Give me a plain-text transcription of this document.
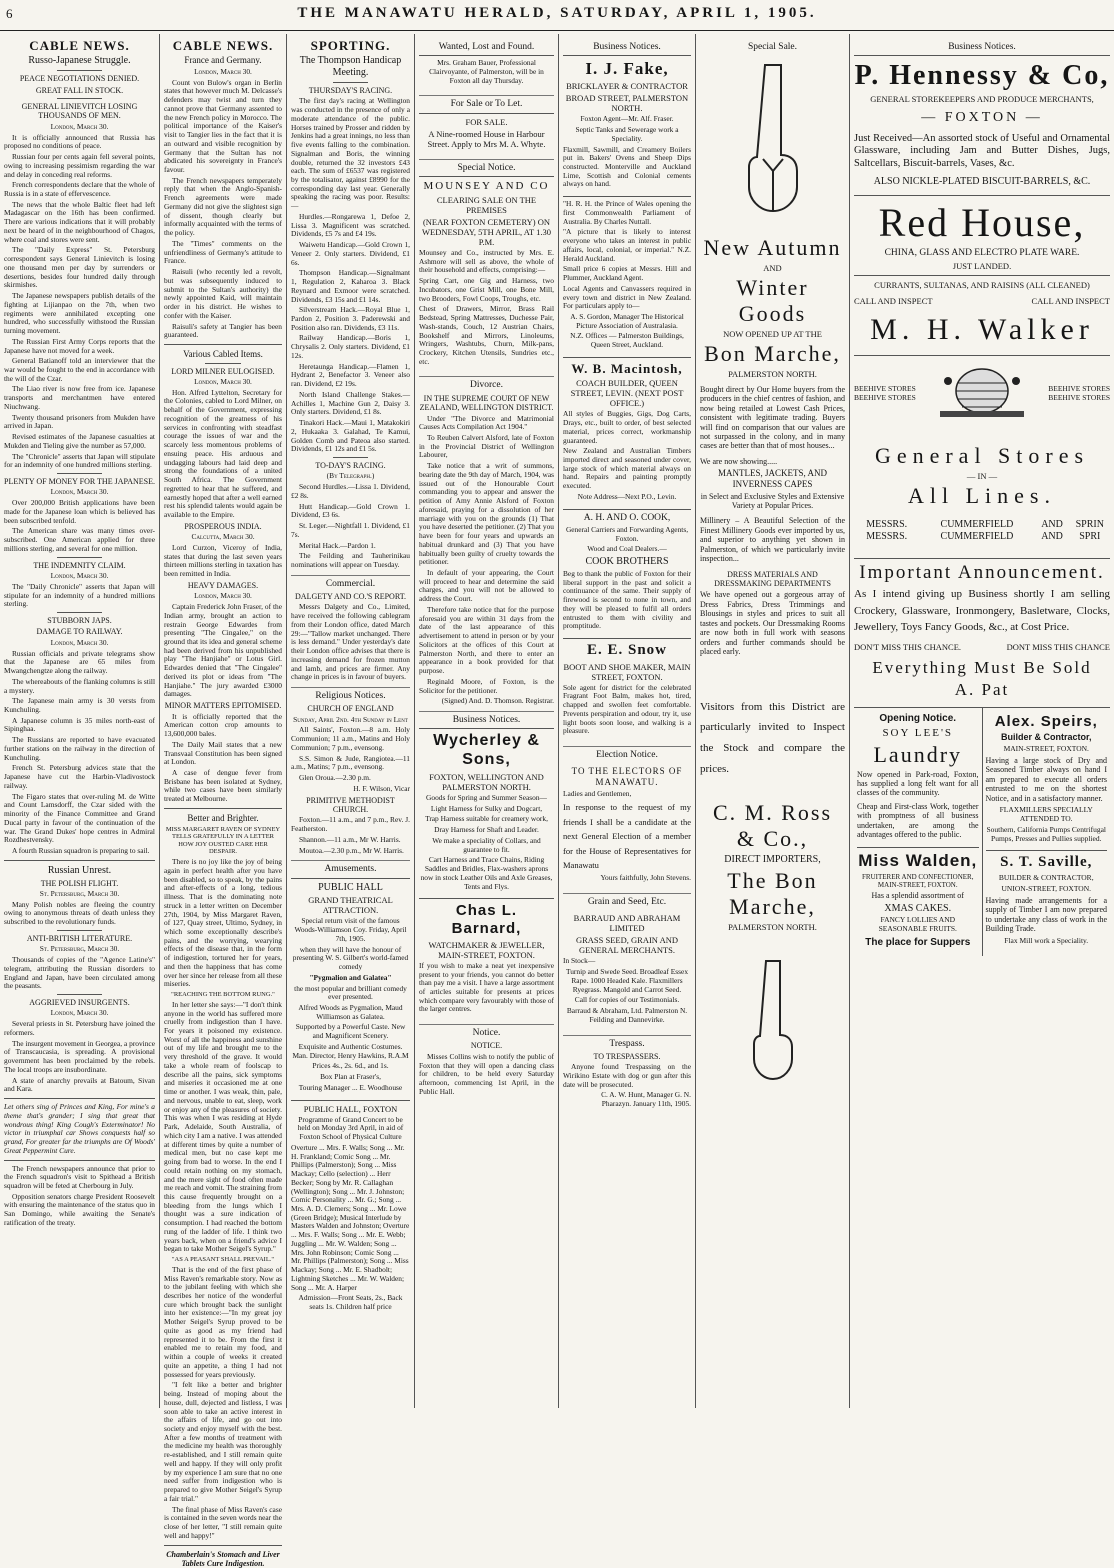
6	THE MANAWATU HERALD, SATURDAY, APRIL 1, 1905.
CABLE NEWS.
Russo-Japanese Struggle.
PEACE NEGOTIATIONS DENIED.
GREAT FALL IN STOCK.
GENERAL LINIEVITCH LOSING THOUSANDS OF MEN.
London, March 30.

It is officially announced that Russia has proposed no conditions of peace.

Russian four per cents again fell several points, owing to increasing pessimism regarding the war and delay in conceding real reforms.

French correspondents declare that the whole of Russia is in a state of effervescence.

The news that the whole Baltic fleet had left Madagascar on the 16th has been confirmed. There are various indications that it will probably next be heard of in the neighbourhood of Chagos, where coal and stores were sent.

The "Daily Express" St. Petersburg correspondent says General Linievitch is losing one thousand men per day by surrenders or desertions, besides four hundred daily through skirmishes.

The Japanese newspapers publish details of the fighting at Lijianpao on the 7th, when two regiments were annihilated excepting one hundred, who successfully withstood the Russian turning movement.

The Russian First Army Corps reports that the Japanese have not moved for a week.

General Batianoff told an interviewer that the war would be fought to the end in accordance with the will of the Czar.

The Liao river is now free from ice. Japanese transports and merchantmen have entered Niuchwang.

Twenty thousand prisoners from Mukden have arrived in Japan.

Revised estimates of the Japanese casualties at Mukden and Tieling give the number as 57,000.

The "Chronicle" asserts that Japan will stipulate for an indemnity of one hundred millions sterling.

PLENTY OF MONEY FOR THE JAPANESE.
London, March 30.

Over 200,000 British applications have been made for the Japanese loan which is believed has been subscribed tenfold.

The American share was many times over-subscribed. One American applied for three millions sterling, and several for one million.

THE INDEMNITY CLAIM.
London, March 30.

The "Daily Chronicle" asserts that Japan will stipulate for an indemnity of a hundred millions sterling.

STUBBORN JAPS.
DAMAGE TO RAILWAY.
London, March 30.

Russian officials and private telegrams show that the Japanese are 65 miles from Mwangchengtze along the railway.

The whereabouts of the flanking columns is still a mystery.

The Japanese main army is 30 versts from Kunchuling.

A Japanese column is 35 miles north-east of Sipinghaa.

The Russians are reported to have evacuated further stations on the railway in the direction of Kunchuling.

French St. Petersburg advices state that the Japanese have cut the Harbin-Vladivostock railway.

The Figaro states that over-ruling M. de Witte and Count Lamsdorff, the Czar sided with the minority of the Finance Committee and Grand Ducal party in favour of the continuation of the war. The Grand Dukes' hope centres in Admiral Rozdhestvensky.

A fourth Russian squadron is preparing to sail.

Russian Unrest.
THE POLISH FLIGHT.
St. Petersburg, March 30.

Many Polish nobles are fleeing the country owing to anonymous threats of death unless they subscribed to the revolutionary funds.

ANTI-BRITISH LITERATURE.
St. Petersburg, March 30.

Thousands of copies of the "Agence Latine's" telegram, attributing the Russian disorders to England and Japan, have been circulated among the peasants.

AGGRIEVED INSURGENTS.
London, March 30.

Several priests in St. Petersburg have joined the reformers.

The insurgent movement in Georgea, a province of Transcaucasia, is spreading. A provisional government has been proclaimed by the rebels. The local troops are insubordinate.

A state of anarchy prevails at Batoum, Sivan and Kara.

Let others sing of Princes and King, For mine's a theme that's grander; I sing that great that wondrous thing! King Cough's Exterminator! No victor in triumphal car Shows conquests half so grand, For greater far the triumphs are Of Woods' Great Peppermint Cure.

The French newspapers announce that prior to the French squadron's visit to Spithead a British squadron will be feted at Cherbourg in July.

Opposition senators charge President Roosevelt with ensuring the maintenance of the status quo in San Domingo, while awaiting the Senate's ratification of the treaty.

CABLE NEWS.
France and Germany.
London, March 30.

Count von Bulow's organ in Berlin states that however much M. Delcasse's defenders may twist and turn they cannot prove that Germany assented to the new French policy in Morocco. The political importance of the Kaiser's visit to Tangier lies in the fact that it is an outward and visible recognition by Germany that the Sultan has not abdicated his sovereignty in France's favour.

The French newspapers temperately reply that when the Anglo-Spanish-French agreements were made Germany did not give the slightest sign of dissent, though clearly but informally acquainted with the terms of the policy.

The "Times" comments on the unfriendliness of Germany's attitude to France.

Raisuli (who recently led a revolt, but was subsequently induced to submit to the Sultan's authority) the newly appointed Kaid, will maintain order in his district. He wishes to confer with the Kaiser.

Raisuli's safety at Tangier has been guaranteed.

Various Cabled Items.
LORD MILNER EULOGISED.
London, March 30.

Hon. Alfred Lyttelton, Secretary for the Colonies, cabled to Lord Milner, on behalf of the Government, expressing recognition of the greatness of his services in confronting with steadfast courage the issues of war and the scarcely less momentous problems of ensuing peace. His arduous and undagging labours had laid deep and strong the foundations of a united South Africa. The Government regretted to hear that he suffered, and earnestly hoped that after a well earned rest his splendid talents would again be available to the Empire.

PROSPEROUS INDIA.
Calcutta, March 30.

Lord Curzon, Viceroy of India, states that during the last seven years thirteen millions sterling in taxation has been remitted in India.

HEAVY DAMAGES.
London, March 30.

Captain Frederick John Fraser, of the Indian army, brought an action to restrain George Edwardes from presenting "The Cingalee," on the ground that its idea and general scheme had been derived from his unpublished play "The Hanjiahe" or Lotus Girl. Edwardes denied that "The Cingalee" derived its plot or ideas from "The Hanjiahe." The jury awarded £3000 damages.

MINOR MATTERS EPITOMISED.

It is officially reported that the American cotton crop amounts to 13,600,000 bales.

The Daily Mail states that a new Transvaal Constitution has been signed at London.

A case of dengue fever from Brisbane has been isolated at Sydney, while two cases have been similarly treated at Melbourne.

Better and Brighter.
MISS MARGARET RAVEN OF SYDNEY TELLS GRATEFULLY IN A LETTER HOW JOY OUSTED CARE HER DESPAIR.

There is no joy like the joy of being again in perfect health after you have been disabled, so to speak, by the pains and after-effects of a long, tedious illness. That is the dominating note struck in a letter written on December 27th, 1904, by Miss Margaret Raven, of 127, Quay street, Ultimo, Sydney, in which some exceptionally describe's pains, and the worrying, wearying effects of the disease that, in the form of indigestion, tortured her for years, and then the happiness that has come over her since her release from all these miseries.

"REACHING THE BOTTOM RUNG."

In her letter she says:—"I don't think anyone in the world has suffered more cruelly from indigestion than I have. For years it poisoned my existence. Worst of all the happiness and sunshine out of my life and brought me to the very threshold of the grave. It would take a whole ream of foolscap to describe all the pains, sick symptoms and miseries it occasioned me at one time or another. I was weak, thin, pale, and nervous, unable to eat, sleep, work or enjoy any of the pleasures of society. This was when I was residing at Hyde Park, Adelaide, South Australia, of which city I am a native. I was attended at different times by quite a number of medical men, but no case kept me going from bad to worse. In the end I could retain nothing on my stomach, and the mere sight of food often made me reach and vomit. The straining from this cause frequently brought on a bleeding from the lungs which I thought was a sure indication of consumption. I had reached the bottom rung of the ladder of life. I think two years back, when on a friend's advice I began to take Mother Seigel's Syrup."

"AS A PEASANT SHALL PREVAIL."

That is the end of the first phase of Miss Raven's remarkable story. Now as to the jubilant feeling with which she describes her notice of the wonderful cure which brought back the sunlight into her existence:—"In my great joy Mother Seigel's Syrup proved to be quite as good as my friend had represented it to be. From the first it enabled me to retain my food, and within a couple of weeks it created quite an appetite, a thing I had not possessed for years previously.

"I felt like a better and brighter being. Instead of moping about the house, dull, dejected and listless, I was soon able to take an active interest in the affairs of life, and go out into society and enjoy myself with the best. After a few months of treatment with the medicine my health was thoroughly re-established, and I still remain quite well and happy. If they will only profit by my experience I am sure that no one need suffer from indigestion who is prepared to give Mother Seigel's Syrup a fair trial."

The final phase of Miss Raven's case is contained in the seven words near the close of her letter, "I still remain quite well and happy!"

Chamberlain's Stomach and Liver Tablets Cure Indigestion.

SPORTING.
The Thompson Handicap Meeting.
THURSDAY'S RACING.

The first day's racing at Wellington was conducted in the presence of only a moderate attendance of the public. Horses trained by Prosser and ridden by Jenkins had a great innings, no less than five events falling to the combination. Signalman and Boris, the winning double, returned the 32 investors £43 each. The sum of £6537 was registered by the totalisator, against £8990 for the corresponding day last year. Generally speaking the racing was poor. Results:—

Hurdles.—Rongarewa 1, Defoe 2, Lissa 3. Magnificent was scratched. Dividends, £5 7s and £4 19s.

Waiwetu Handicap.—Gold Crown 1, Veneer 2. Only starters. Dividend, £1 6s.

Thompson Handicap.—Signalmant 1, Regulation 2, Kaharoa 3. Black Reynard and Exmoor were scratched. Dividends, £3 15s and £1 14s.

Silverstream Hack.—Royal Blue 1, Pardon 2, Position 3. Paderewski and Position also ran. Dividends, £3 11s.

Railway Handicap.—Boris 1, Chrysalis 2. Only starters. Dividend, £1 12s.

Heretaunga Handicap.—Flamen 1, Hydrant 2, Benefactor 3. Veneer also ran. Dividend, £2 19s.

North Island Challenge Stakes.—Achilles 1, Machine Gun 2, Daisy 3. Only starters. Dividend, £1 8s.

Tinakori Hack.—Maui 1, Matakokiri 2, Hukaaka 3. Galahad, Te Kamui, Golden Comb and Pateoa also started. Dividends, £1 12s and £1 5s.

TO-DAY'S RACING.
(By Telegraph.)

Second Hurdles.—Lissa 1. Dividend, £2 8s.

Hutt Handicap.—Gold Crown 1. Dividend, £3 6s.

St. Leger.—Nightfall 1. Dividend, £1 7s.

Merital Hack.—Pardon 1.

The Feilding and Tauherinikau nominations will appear on Tuesday.

Commercial.
DALGETY AND CO.'S REPORT.

Messrs Dalgety and Co., Limited, have received the following cablegram from their London office, dated March 29:—"Tallow market unchanged. There is less demand." Under yesterday's date their London office advises that there is increasing demand for frozen mutton and lamb, and prices are firmer. Any change in prices is in favour of buyers.

Religious Notices.
CHURCH OF ENGLAND
Sunday, April 2nd. 4th Sunday in Lent

All Saints', Foxton.—8 a.m. Holy Communion; 11 a.m., Matins and Holy Communion; 7 p.m., evensong.

S.S. Simon & Jude, Rangiotea.—11 a.m., Matins; 7 p.m., evensong.

Glen Oroua.—2.30 p.m.

H. F. Wilson, Vicar

PRIMITIVE METHODIST CHURCH.

Foxton.—11 a.m., and 7 p.m., Rev. J. Featherston.

Shannon.—11 a.m., Mr W. Harris.

Moutoa.—2.30 p.m., Mr W. Harris.

Amusements.

PUBLIC HALL

GRAND THEATRICAL ATTRACTION.

Special return visit of the famous Woods-Williamson Coy. Friday, April 7th, 1905.

when they will have the honour of presenting W. S. Gilbert's world-famed comedy

"Pygmalion and Galatea"

the most popular and brilliant comedy ever presented.

Alfred Woods as Pygmalion, Maud Williamson as Galatea.

Supported by a Powerful Caste. New and Magnificent Scenery.

Exquisite and Authentic Costumes. Man. Director, Henry Hawkins, R.A.M

Prices 4s., 2s. 6d., and 1s.

Box Plan at Fraser's,

Touring Manager ... E. Woodhouse

PUBLIC HALL, FOXTON

Programme of Grand Concert to be held on Monday 3rd April, in aid of Foxton School of Physical Culture

Overture ... Mrs. F. Walls; Song ... Mr. H. Frankland; Comic Song ... Mr. Phillips (Palmerston); Song ... Miss Mackay; Cello (selection) ... Herr Becker; Song by Mr. R. Callaghan (Wellington); Song ... Mr. J. Johnston; Comic Personality ... Mr. G.; Song ... Mrs. A. D. Clemers; Song ... Mr. Lowe (Green Bridge); Musical Interlude by Masters Walden and Johnston; Overture ... Mrs. F. Walls; Song ... Mr. E. Webb; Juggling ... Mr. W. Walden; Song ... Mrs. John Robinson; Comic Song ... Mr. Phillips (Palmerston); Song ... Miss Mackay; Song ... Mr. E. Shadbolt; Lightning Sketches ... Mr. W. Walden; Song ... Mr. A. Harper

Admission—Front Seats, 2s., Back seats 1s. Children half price

Wanted, Lost and Found.

Mrs. Graham Bauer, Professional Clairvoyante, of Palmerston, will be in Foxton all day Thursday.

For Sale or To Let.

FOR SALE.

A Nine-roomed House in Harbour Street. Apply to Mrs M. A. Whyte.

Special Notice.

MOUNSEY AND CO

CLEARING SALE ON THE PREMISES

(NEAR FOXTON CEMETERY) ON WEDNESDAY, 5TH APRIL, AT 1.30 P.M.

Mounsey and Co., instructed by Mrs. E. Ashmore will sell as above, the whole of their household and effects, comprising:—

Spring Cart, one Gig and Harness, two Incubators, one Grist Mill, one Bone Mill, two Brooders, Fowl Coops, Troughs, etc.

Chest of Drawers, Mirror, Brass Rail Bedstead, Spring Mattresses, Duchesse Pair, Wash-stands, Couch, 12 Austrian Chairs, Bookshelf and Mirrors, Linoleums, Wringers, Washtubs, Churn, Milk-pans, Crockery, Kitchen Utensils, Sundries etc., etc.

Divorce.
IN THE SUPREME COURT OF NEW ZEALAND, WELLINGTON DISTRICT.

Under "The Divorce and Matrimonial Causes Acts Compilation Act 1904."

To Reuben Calvert Alsford, late of Foxton in the Provincial District of Wellington Labourer,

Take notice that a writ of summons, bearing date the 9th day of March, 1904, was issued out of the Honourable Court commanding you to appear and answer the petition of Amy Annie Alsford of Foxton aforesaid, praying for a dissolution of her marriage with you on the grounds (1) That you have deserted the petitioner. (2) That you have been for four years and upwards an habitual drunkard and (3) That you have habitually been guilty of cruelty towards the petitioner.

In default of your appearing, the Court will proceed to hear and determine the said charges, and you will not be allowed to address the Court.

Therefore take notice that for the purpose aforesaid you are within 31 days from the date of the last appearance of this advertisement to attend in person or by your Solicitors at the offices of this Court at Palmerston North, and there to enter an appearance in a book provided for that purpose.

Reginald Moore, of Foxton, is the Solicitor for the petitioner.

(Signed) And. D. Thomson. Registrar.

Business Notices.

Wycherley & Sons,

FOXTON, WELLINGTON AND PALMERSTON NORTH.

Goods for Spring and Summer Season—

Light Harness for Sulky and Dogcart,

Trap Harness suitable for creamery work,

Dray Harness for Shaft and Leader.

We make a speciality of Collars, and guarantee to fit.

Cart Harness and Trace Chains, Riding Saddles and Bridles, Flax-washers aprons now in stock Leather Oils and Axle Greases, Tents and Flys.

Chas L. Barnard,

WATCHMAKER & JEWELLER, MAIN-STREET, FOXTON.

If you wish to make a neat yet inexpensive present to your friends, you cannot do better than pay me a visit. I have a large assortment of articles suitable for presents at prices which compare very favourably with those of the larger centres.

Notice.
NOTICE.

Misses Collins wish to notify the public of Foxton that they will open a dancing class for children, to be held every Saturday afternoon, commencing 1st April, in the Public Hall.

Business Notices.

I. J. Fake,

BRICKLAYER & CONTRACTOR

BROAD STREET, PALMERSTON NORTH.

Foxton Agent—Mr. Alf. Fraser.

Septic Tanks and Sewerage work a Speciality.

Flaxmill, Sawmill, and Creamery Boilers put in. Bakers' Ovens and Sheep Dips constructed. Monterville and Auckland Lime, Scottish and Colonial cements always on hand.

"H. R. H. the Prince of Wales opening the first Commonwealth Parliament of Australia. By Charles Nuttall.

"A picture that is likely to interest everyone who takes an interest in public affairs, local, colonial, or imperial." N.Z. Herald Auckland.

Small price 6 copies at Messrs. Hill and Plummer, Auckland Agent.

Local Agents and Canvassers required in every town and district in New Zealand. For particulars apply to—

A. S. Gordon, Manager The Historical Picture Association of Australasia.

N.Z. Offices — Palmerston Buildings, Queen Street, Auckland.

W. B. Macintosh,

COACH BUILDER, QUEEN STREET, LEVIN. (NEXT POST OFFICE.)

All styles of Buggies, Gigs, Dog Carts, Drays, etc., built to order, of best selected material, prices correct, workmanship guaranteed.

New Zealand and Australian Timbers imported direct and seasoned under cover, large stock of which material always on hand. Repairs and painting promptly executed.

Note Address—Next P.O., Levin.

A. H. AND O. COOK,

General Carriers and Forwarding Agents, Foxton.

Wood and Coal Dealers.—

COOK BROTHERS

Beg to thank the public of Foxton for their liberal support in the past and solicit a continuance of the same. Their supply of firewood is second to none in town, and they will be pleased to fulfil all orders entrusted to them with civility and promptitude.

E. E. Snow

BOOT AND SHOE MAKER, MAIN STREET, FOXTON.

Sole agent for district for the celebrated Fragrant Foot Balm, makes hot, tired, chapped and swollen feet comfortable. Prevents perspiration and odour, try it, use light boots soon loose, and walking is a pleasure.

Election Notice.

TO THE ELECTORS OF MANAWATU.

Ladies and Gentlemen,

In response to the request of my friends I shall be a candidate at the next General Election of a member for the House of Representatives for Manawatu

Yours faithfully, John Stevens.

Grain and Seed, Etc.

BARRAUD AND ABRAHAM LIMITED

GRASS SEED, GRAIN AND GENERAL MERCHANTS.

In Stock—

Turnip and Swede Seed. Broadleaf Essex Rape. 1000 Headed Kale. Flaxmillers Ryegrass. Mangold and Carrot Seed.

Call for copies of our Testimonials.

Barraud & Abraham, Ltd. Palmerston N. Feilding and Dannevirke.

Trespass.
TO TRESPASSERS.

Anyone found Trespassing on the Wirikino Estate with dog or gun after this date will be prosecuted.

C. A. W. Hunt, Manager G. N. Pharazyn. January 11th, 1905.

Special Sale.

New Autumn

AND

Winter Goods

NOW OPENED UP AT THE

Bon Marche,

PALMERSTON NORTH.

Bought direct by Our Home buyers from the producers in the chief centres of fashion, and now being retailed at Lowest Cash Prices, consistent with legitimate trading. Buyers will find on comparison that our values are not surpassed in the colony, and in many cases are better than that of most houses...

We are now showing.....

MANTLES, JACKETS, AND INVERNESS CAPES

in Select and Exclusive Styles and Extensive Variety at Popular Prices.

Millinery – A Beautiful Selection of the Finest Millinery Goods ever imported by us, and superior to anything yet shown in Palmerston, of which we particularly invite inspection...

DRESS MATERIALS AND DRESSMAKING DEPARTMENTS

We have opened out a gorgeous array of Dress Fabrics, Dress Trimmings and Blousings in styles and prices to suit all tastes and pockets. Our Dressmaking Rooms are now both in full work with seasons orders and further commands should be placed early.

Visitors from this District are particularly invited to Inspect the Stock and compare the prices.

C. M. Ross & Co.,

DIRECT IMPORTERS,

The Bon Marche,

PALMERSTON NORTH.

Business Notices.

P. Hennessy & Co,

GENERAL STOREKEEPERS AND PRODUCE MERCHANTS,

— FOXTON —

Just Received—An assorted stock of Useful and Ornamental Glassware, including Jam and Butter Dishes, Jugs, Saltcellars, Biscuit-barrels, Vases, &c.

ALSO NICKLE-PLATED BISCUIT-BARRELS, &C.

Red House,

CHINA, GLASS AND ELECTRO PLATE WARE.

JUST LANDED.

CURRANTS, SULTANAS, AND RAISINS (ALL CLEANED)

CALL AND INSPECT	CALL AND INSPECT

M. H. Walker

BEEHIVE STORES BEEHIVE STORES
BEEHIVE STORES BEEHIVE STORES

General Stores

— IN —

All Lines.

MESSRS. MESSRS.
CUMMERFIELD CUMMERFIELD
AND AND
SPRIN SPRI

Important Announcement.

As I intend giving up Business shortly I am selling Crockery, Glassware, Ironmongery, Basletware, Clocks, Jewellery, Toys Fancy Goods, &c., at Cost Price.

DON'T MISS THIS CHANCE.	DONT MISS THIS CHANCE

Everything Must Be Sold

A. Pat

Opening Notice.

SOY LEE'S

Laundry

Now opened in Park-road, Foxton, has supplied a long felt want for all classes of the community.

Cheap and First-class Work, together with promptness of all business undertaken, are among the advantages offered to the public.

Miss Walden,

FRUITERER AND CONFECTIONER, MAIN-STREET, FOXTON.

Has a splendid assortment of

XMAS CAKES.

FANCY LOLLIES AND SEASONABLE FRUITS.

The place for Suppers

Alex. Speirs,

Builder & Contractor,

MAIN-STREET, FOXTON.

Having a large stock of Dry and Seasoned Timber always on hand I am prepared to execute all orders entrusted to me on the shortest Notice, and in a satisfactory manner.

FLAXMILLERS SPECIALLY ATTENDED TO.

Southern, California Pumps Centrifugal Pumps, Presses and Pullies supplied.

S. T. Saville,

BUILDER & CONTRACTOR,

UNION-STREET, FOXTON.

Having made arrangements for a supply of Timber I am now prepared to undertake any class of work in the Building Trade.

Flax Mill work a Speciality.
